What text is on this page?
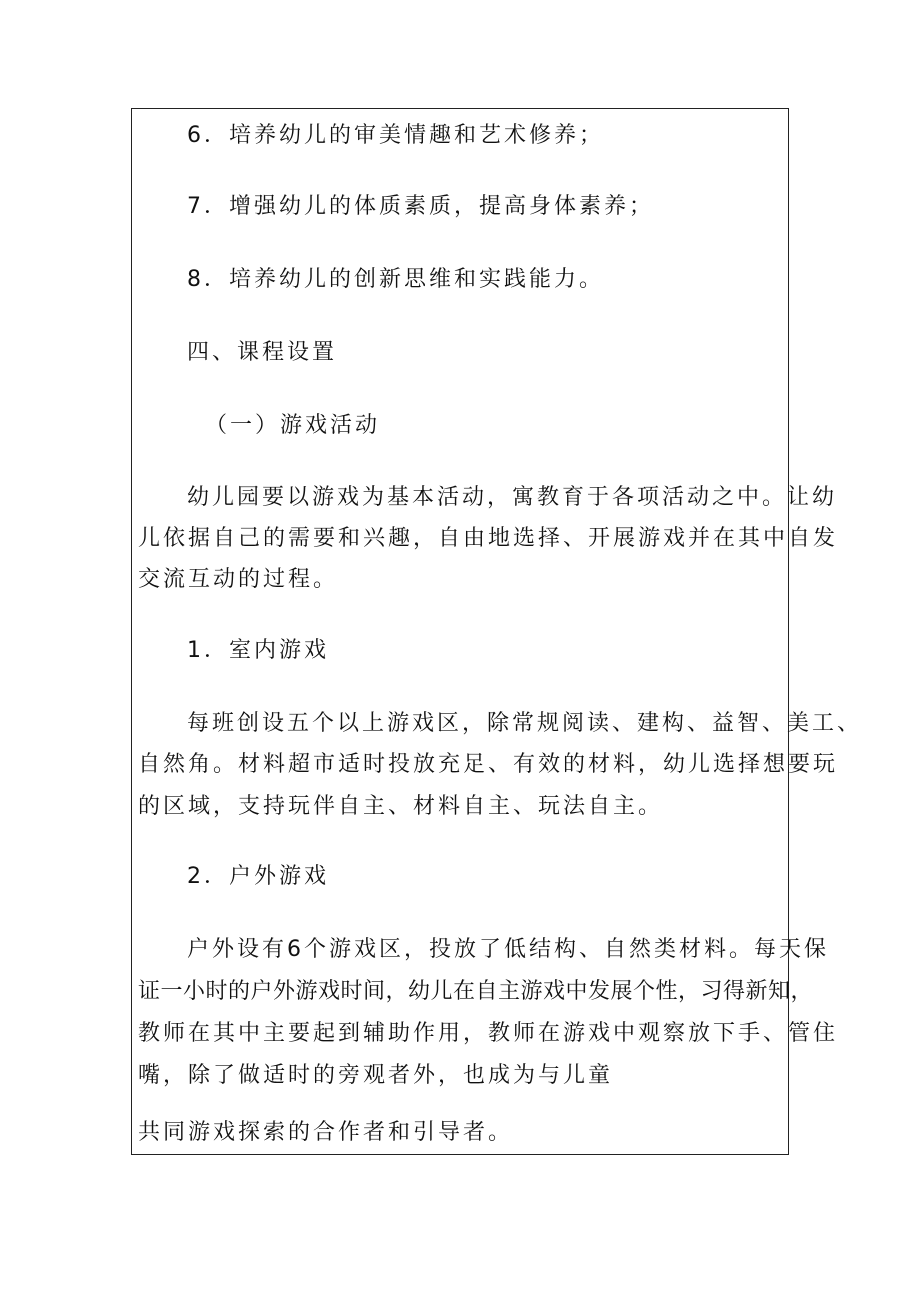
6．培养幼儿的审美情趣和艺术修养；
7．增强幼儿的体质素质，提高身体素养；
8．培养幼儿的创新思维和实践能力。
四、课程设置
（一）游戏活动
幼儿园要以游戏为基本活动，寓教育于各项活动之中。让幼
儿依据自己的需要和兴趣，自由地选择、开展游戏并在其中自发
交流互动的过程。
1．室内游戏
每班创设五个以上游戏区，除常规阅读、建构、益智、美工、
自然角。材料超市适时投放充足、有效的材料，幼儿选择想要玩
的区域，支持玩伴自主、材料自主、玩法自主。
2．户外游戏
户外设有6个游戏区，投放了低结构、自然类材料。每天保
证一小时的户外游戏时间，幼儿在自主游戏中发展个性，习得新知，
教师在其中主要起到辅助作用，教师在游戏中观察放下手、管住
嘴，除了做适时的旁观者外，也成为与儿童
共同游戏探索的合作者和引导者。
